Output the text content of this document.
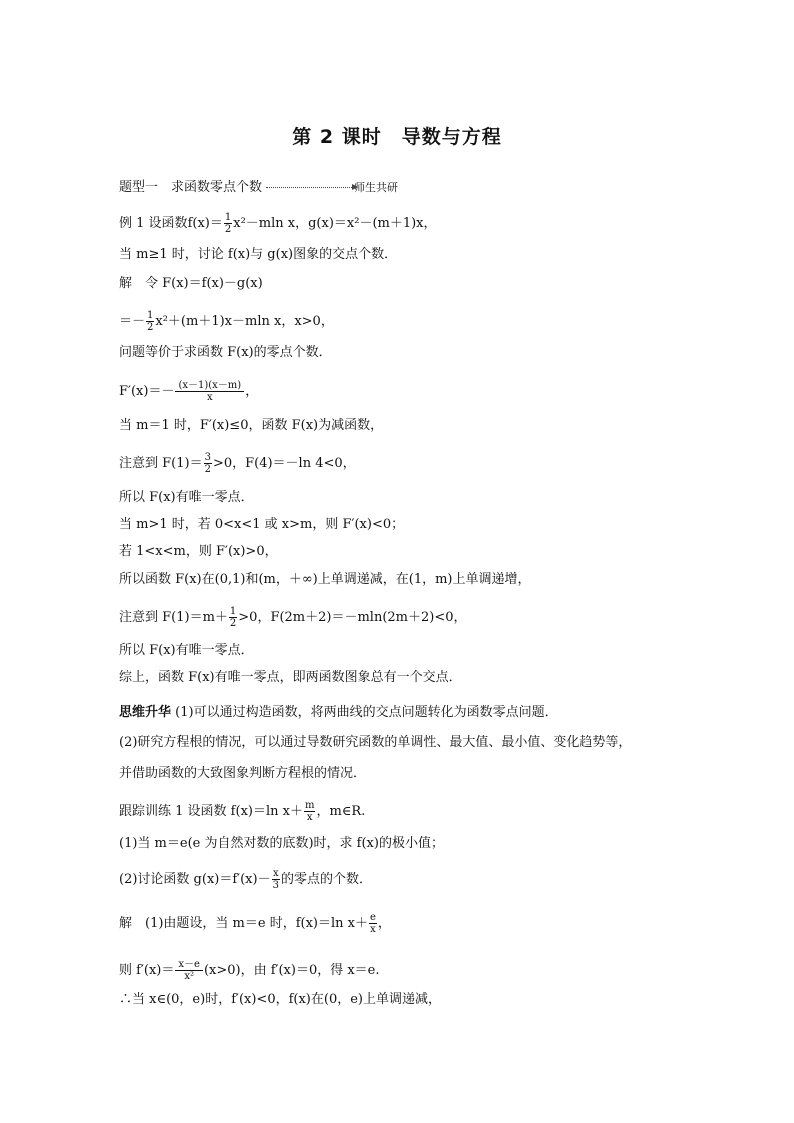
第 2 课时　导数与方程
题型一　求函数零点个数	师生共研
例 1 设函数$f(x)= \frac{1}{2} x^2-mln$ x，g(x)＝x²－(m＋1)x，
当 m≥1 时，讨论 f(x)与 g(x)图象的交点个数．
解　令 F(x)＝f(x)－g(x)
＝－ $\frac{1}{2} x^2+(m+1)x-mln$ x，x>0，
问题等价于求函数 F(x)的零点个数．
$F'(x)=- \frac{(x-1)(x-m)}{x}$ ，
当 m＝1 时，F′(x)≤0，函数 F(x)为减函数，
注意到 $F(1)= \frac{3}{2} >0$，F(4)＝－ln 4<0，
所以 F(x)有唯一零点．
当 m>1 时，若 0<x<1 或 x>m，则 F′(x)<0；
若 1<x<m，则 F′(x)>0，
所以函数 F(x)在(0,1)和(m，＋∞)上单调递减，在(1，m)上单调递增，
注意到 $F(1)=m+ \frac{1}{2} >0$，F(2m＋2)＝－mln(2m＋2)<0，
所以 F(x)有唯一零点．
综上，函数 F(x)有唯一零点，即两函数图象总有一个交点．
思维升华 (1)可以通过构造函数，将两曲线的交点问题转化为函数零点问题．
(2)研究方程根的情况，可以通过导数研究函数的单调性、最大值、最小值、变化趋势等，
并借助函数的大致图象判断方程根的情况．
跟踪训练 1 设函数 f(x)＝ln $x+ \frac{m}{x}$ ，m∈R.
(1)当 m＝e(e 为自然对数的底数)时，求 f(x)的极小值；
(2)讨论函数 $g(x)=f'(x)- \frac{x}{3}$ 的零点的个数．
解　(1)由题设，当 m＝e 时，f(x)＝ln $x+ \frac{e}{x}$ ，
则 $f'(x)= \frac{x-e}{\text{x²}} (x>0)$，由 f′(x)＝0，得 x＝e.
∴当 x∈(0，e)时，f′(x)<0，f(x)在(0，e)上单调递减，
